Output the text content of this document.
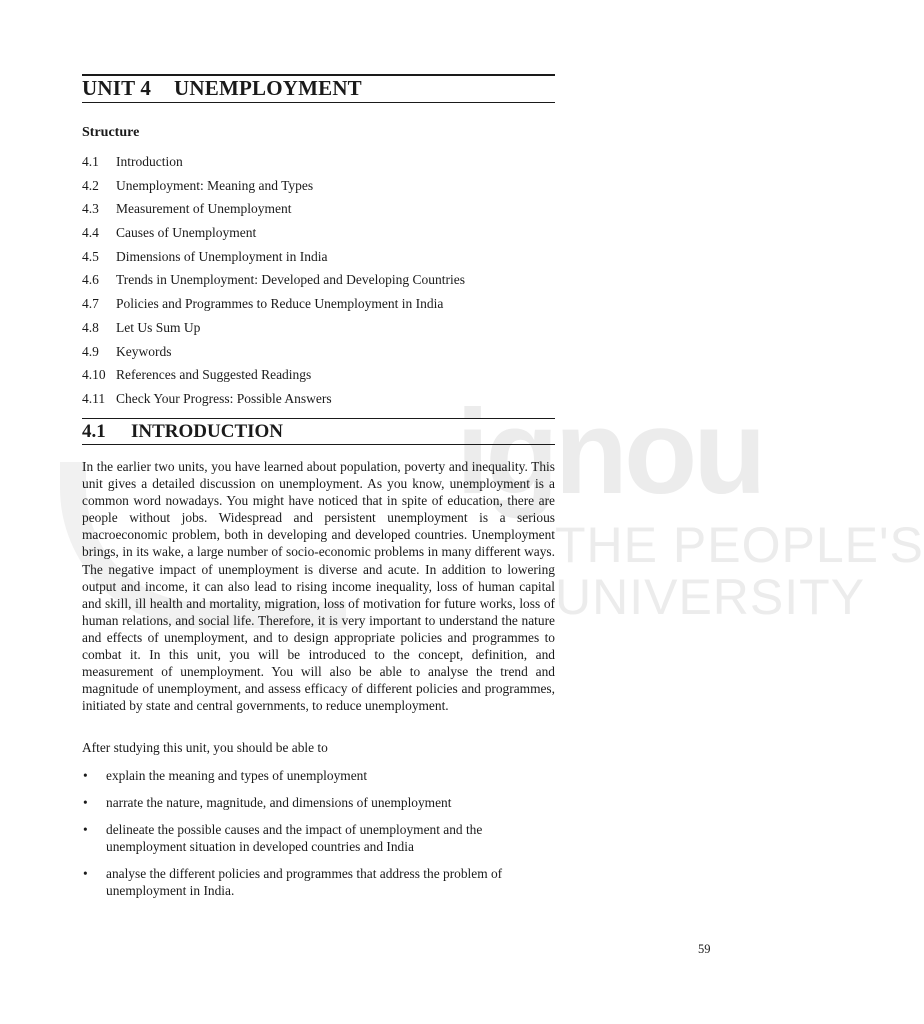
ignou
THE PEOPLE'S
UNIVERSITY
UNIT 4 UNEMPLOYMENT
Structure
4.1 Introduction
4.2 Unemployment: Meaning and Types
4.3 Measurement of Unemployment
4.4 Causes of Unemployment
4.5 Dimensions of Unemployment in India
4.6 Trends in Unemployment: Developed and Developing Countries
4.7 Policies and Programmes to Reduce Unemployment in India
4.8 Let Us Sum Up
4.9 Keywords
4.10 References and Suggested Readings
4.11 Check Your Progress: Possible Answers
4.1 INTRODUCTION

In the earlier two units, you have learned about population, poverty and inequality. This unit gives a detailed discussion on unemployment. As you know, unemployment is a common word nowadays. You might have noticed that in spite of education, there are people without jobs. Widespread and persistent unemployment is a serious macroeconomic problem, both in developing and developed countries. Unemployment brings, in its wake, a large number of socio-economic problems in many different ways. The negative impact of unemployment is diverse and acute. In addition to lowering output and income, it can also lead to rising income inequality, loss of human capital and skill, ill health and mortality, migration, loss of motivation for future works, loss of human relations, and social life. Therefore, it is very important to understand the nature and effects of unemployment, and to design appropriate policies and programmes to combat it. In this unit, you will be introduced to the concept, definition, and measurement of unemployment. You will also be able to analyse the trend and magnitude of unemployment, and assess efficacy of different policies and programmes, initiated by state and central governments, to reduce unemployment.

After studying this unit, you should be able to

• explain the meaning and types of unemployment
• narrate the nature, magnitude, and dimensions of unemployment
• delineate the possible causes and the impact of unemployment and the unemployment situation in developed countries and India
• analyse the different policies and programmes that address the problem of unemployment in India.
59
